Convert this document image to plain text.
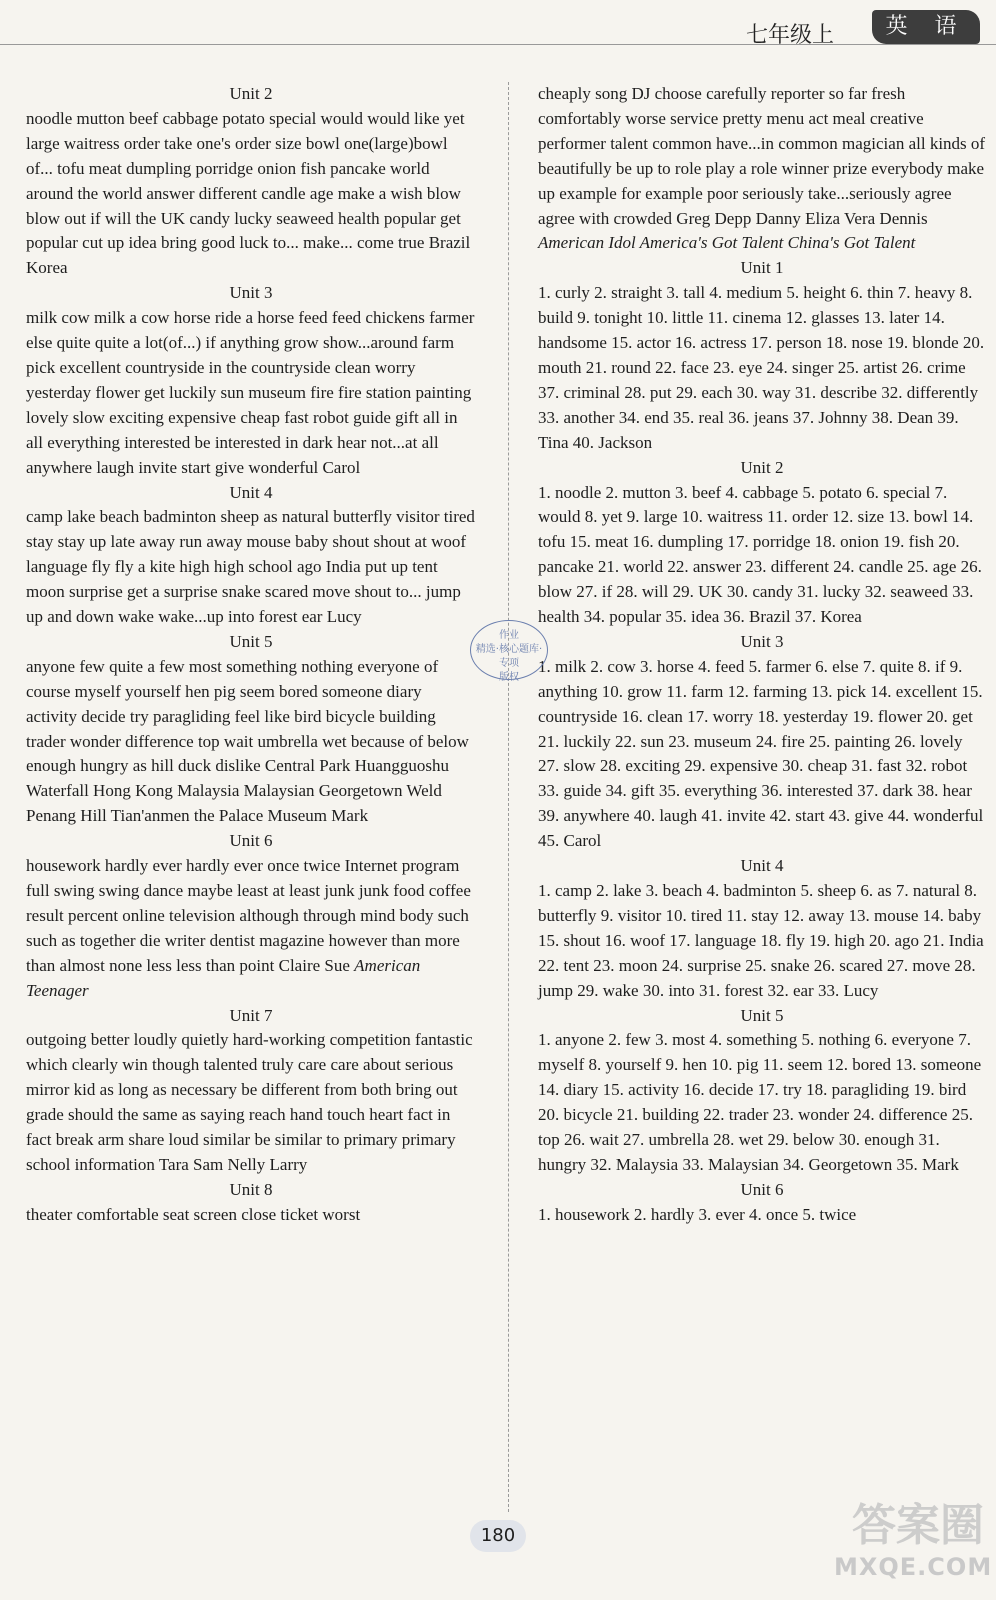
七年级上	英 语
Unit 2
noodle mutton beef cabbage potato special would would like yet large waitress order take one's order size bowl one(large)bowl of... tofu meat dumpling porridge onion fish pancake world around the world answer different candle age make a wish blow blow out if will the UK candy lucky seaweed health popular get popular cut up idea bring good luck to... make... come true Brazil Korea
Unit 3
milk cow milk a cow horse ride a horse feed feed chickens farmer else quite quite a lot(of...) if anything grow show...around farm pick excellent countryside in the countryside clean worry yesterday flower get luckily sun museum fire fire station painting lovely slow exciting expensive cheap fast robot guide gift all in all everything interested be interested in dark hear not...at all anywhere laugh invite start give wonderful Carol
Unit 4
camp lake beach badminton sheep as natural butterfly visitor tired stay stay up late away run away mouse baby shout shout at woof language fly fly a kite high high school ago India put up tent moon surprise get a surprise snake scared move shout to... jump up and down wake wake...up into forest ear Lucy
Unit 5
anyone few quite a few most something nothing everyone of course myself yourself hen pig seem bored someone diary activity decide try paragliding feel like bird bicycle building trader wonder difference top wait umbrella wet because of below enough hungry as hill duck dislike Central Park Huangguoshu Waterfall Hong Kong Malaysia Malaysian Georgetown Weld Penang Hill Tian'anmen the Palace Museum Mark
Unit 6
housework hardly ever hardly ever once twice Internet program full swing swing dance maybe least at least junk junk food coffee result percent online television although through mind body such such as together die writer dentist magazine however than more than almost none less less than point Claire Sue American Teenager
Unit 7
outgoing better loudly quietly hard-working competition fantastic which clearly win though talented truly care care about serious mirror kid as long as necessary be different from both bring out grade should the same as saying reach hand touch heart fact in fact break arm share loud similar be similar to primary primary school information Tara Sam Nelly Larry
Unit 8
theater comfortable seat screen close ticket worst
cheaply song DJ choose carefully reporter so far fresh comfortably worse service pretty menu act meal creative performer talent common have...in common magician all kinds of beautifully be up to role play a role winner prize everybody make up example for example poor seriously take...seriously agree agree with crowded Greg Depp Danny Eliza Vera Dennis American Idol America's Got Talent China's Got Talent
Unit 1
1. curly 2. straight 3. tall 4. medium 5. height 6. thin 7. heavy 8. build 9. tonight 10. little 11. cinema 12. glasses 13. later 14. handsome 15. actor 16. actress 17. person 18. nose 19. blonde 20. mouth 21. round 22. face 23. eye 24. singer 25. artist 26. crime 37. criminal 28. put 29. each 30. way 31. describe 32. differently 33. another 34. end 35. real 36. jeans 37. Johnny 38. Dean 39. Tina 40. Jackson
Unit 2
1. noodle 2. mutton 3. beef 4. cabbage 5. potato 6. special 7. would 8. yet 9. large 10. waitress 11. order 12. size 13. bowl 14. tofu 15. meat 16. dumpling 17. porridge 18. onion 19. fish 20. pancake 21. world 22. answer 23. different 24. candle 25. age 26. blow 27. if 28. will 29. UK 30. candy 31. lucky 32. seaweed 33. health 34. popular 35. idea 36. Brazil 37. Korea
Unit 3
1. milk 2. cow 3. horse 4. feed 5. farmer 6. else 7. quite 8. if 9. anything 10. grow 11. farm 12. farming 13. pick 14. excellent 15. countryside 16. clean 17. worry 18. yesterday 19. flower 20. get 21. luckily 22. sun 23. museum 24. fire 25. painting 26. lovely 27. slow 28. exciting 29. expensive 30. cheap 31. fast 32. robot 33. guide 34. gift 35. everything 36. interested 37. dark 38. hear 39. anywhere 40. laugh 41. invite 42. start 43. give 44. wonderful 45. Carol
Unit 4
1. camp 2. lake 3. beach 4. badminton 5. sheep 6. as 7. natural 8. butterfly 9. visitor 10. tired 11. stay 12. away 13. mouse 14. baby 15. shout 16. woof 17. language 18. fly 19. high 20. ago 21. India 22. tent 23. moon 24. surprise 25. snake 26. scared 27. move 28. jump 29. wake 30. into 31. forest 32. ear 33. Lucy
Unit 5
1. anyone 2. few 3. most 4. something 5. nothing 6. everyone 7. myself 8. yourself 9. hen 10. pig 11. seem 12. bored 13. someone 14. diary 15. activity 16. decide 17. try 18. paragliding 19. bird 20. bicycle 21. building 22. trader 23. wonder 24. difference 25. top 26. wait 27. umbrella 28. wet 29. below 30. enough 31. hungry 32. Malaysia 33. Malaysian 34. Georgetown 35. Mark
Unit 6
1. housework 2. hardly 3. ever 4. once 5. twice
作业
精选·核心题库·专项
版权
180	答案圈
MXQE.COM
